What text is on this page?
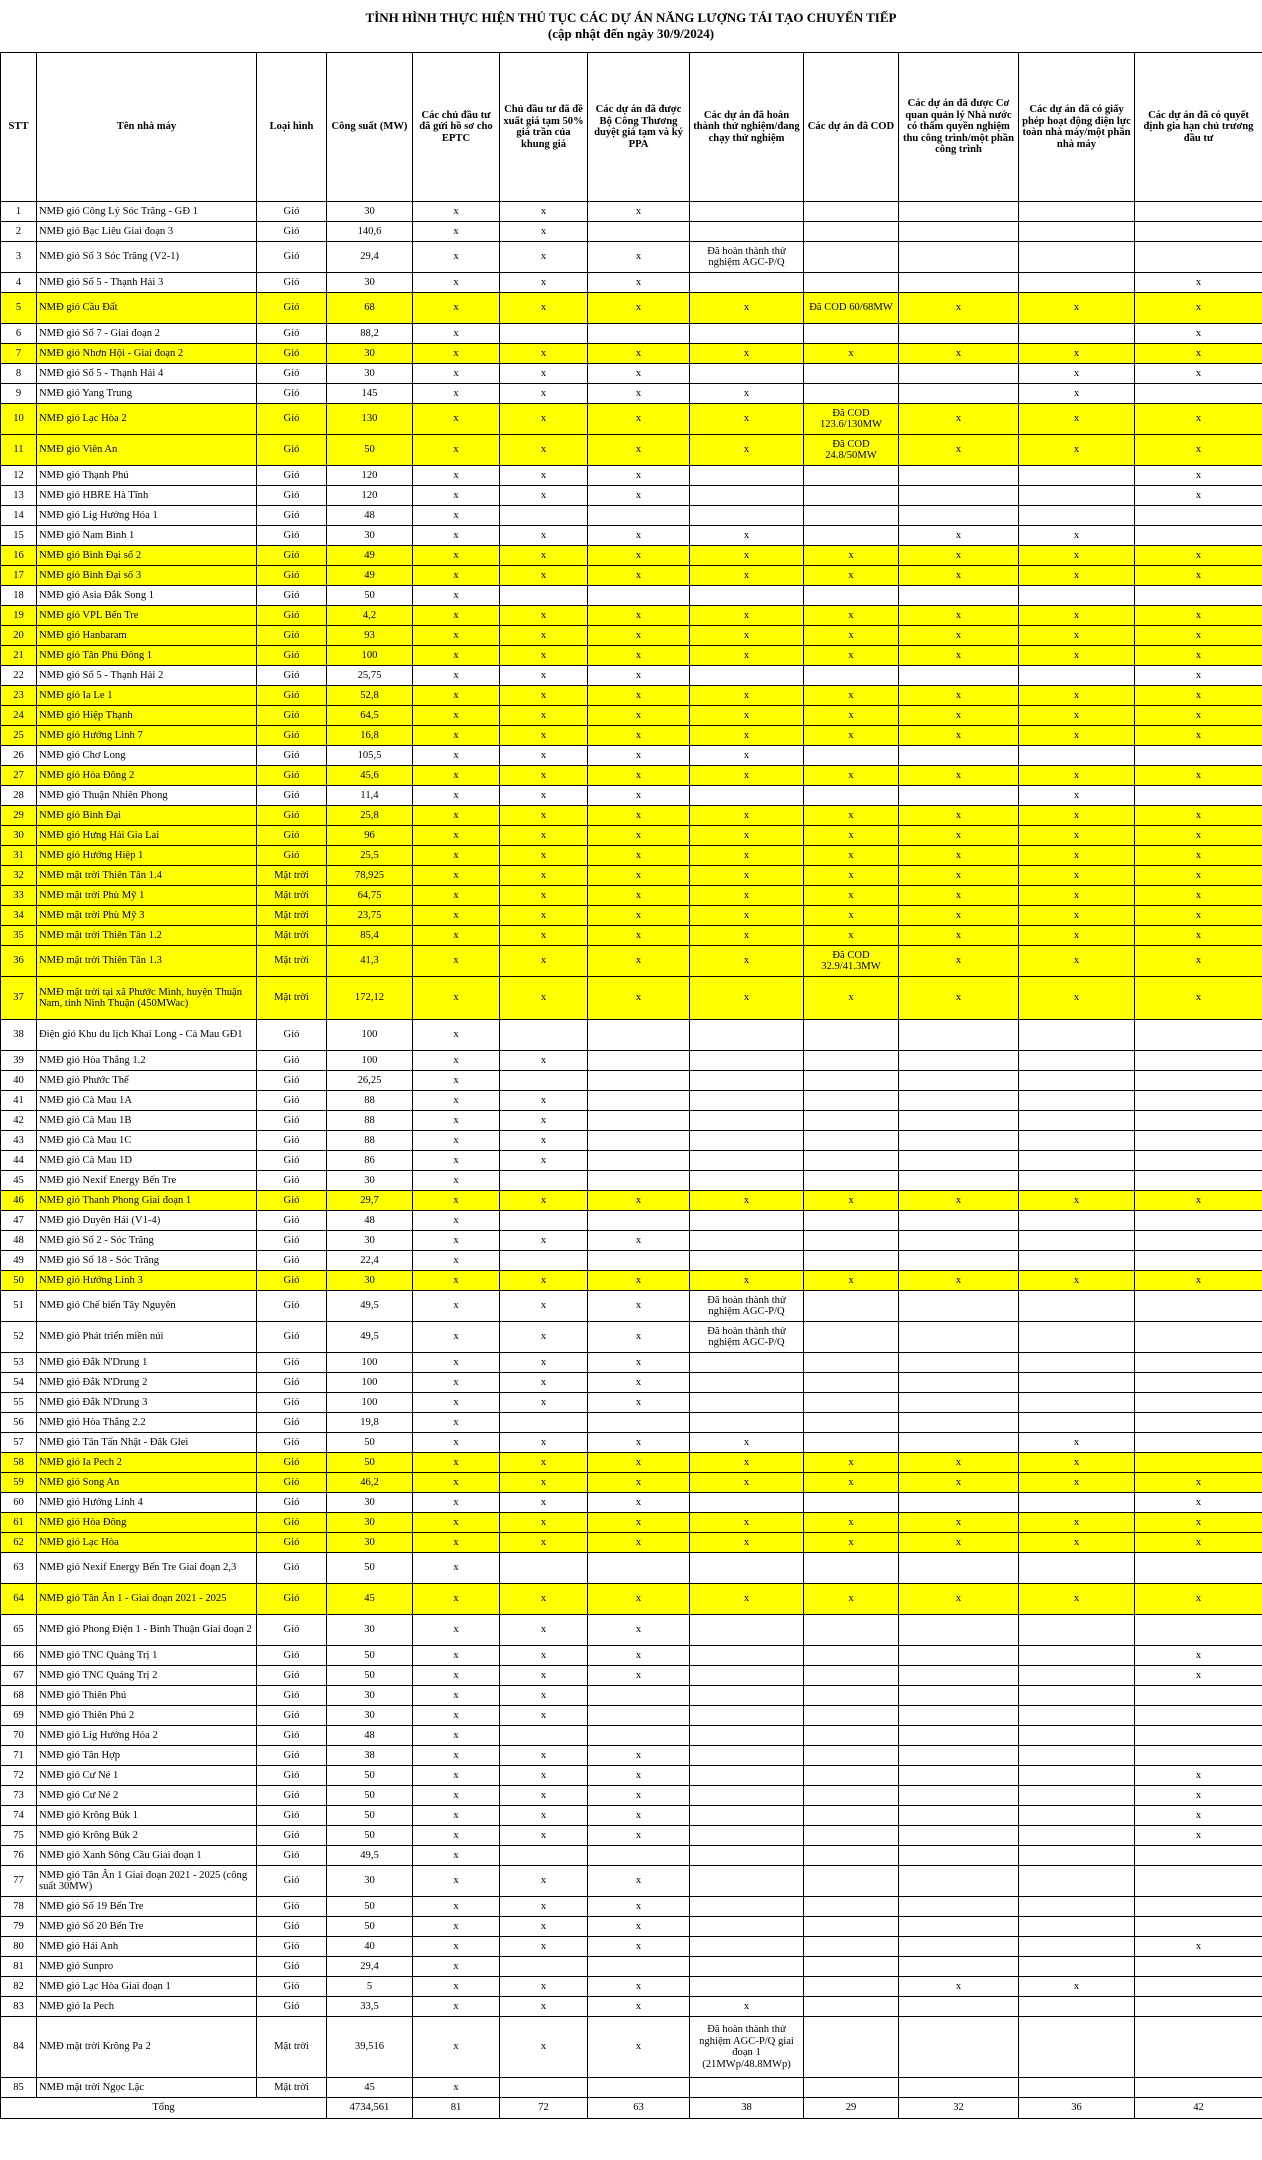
TÌNH HÌNH THỰC HIỆN THỦ TỤC CÁC DỰ ÁN NĂNG LƯỢNG TÁI TẠO CHUYỂN TIẾP
(cập nhật đến ngày 30/9/2024)
STT	Tên nhà máy	Loại hình	Công suất (MW)	Các chủ đầu tư đã gửi hồ sơ cho EPTC	Chủ đầu tư đã đề xuất giá tạm 50% giá trần của khung giá	Các dự án đã được Bộ Công Thương duyệt giá tạm và ký PPA	Các dự án đã hoàn thành thử nghiệm/đang chạy thử nghiệm	Các dự án đã COD	Các dự án đã được Cơ quan quản lý Nhà nước có thẩm quyền nghiệm thu công trình/một phần công trình	Các dự án đã có giấy phép hoạt động điện lực toàn nhà máy/một phần nhà máy	Các dự án đã có quyết định gia hạn chủ trương đầu tư
1	NMĐ gió Công Lý Sóc Trăng - GĐ 1	Gió	30	x	x	x					
2	NMĐ gió Bạc Liêu Giai đoạn 3	Gió	140,6	x	x						
3	NMĐ gió Số 3 Sóc Trăng (V2-1)	Gió	29,4	x	x	x	Đã hoàn thành thử nghiệm AGC-P/Q				
4	NMĐ gió Số 5 - Thạnh Hải 3	Gió	30	x	x	x					x
5	NMĐ gió Cầu Đất	Gió	68	x	x	x	x	Đã COD 60/68MW	x	x	x
6	NMĐ gió Số 7 - Giai đoạn 2	Gió	88,2	x							x
7	NMĐ gió Nhơn Hội - Giai đoạn 2	Gió	30	x	x	x	x	x	x	x	x
8	NMĐ gió Số 5 - Thạnh Hải 4	Gió	30	x	x	x				x	x
9	NMĐ gió Yang Trung	Gió	145	x	x	x	x			x	
10	NMĐ gió Lạc Hòa 2	Gió	130	x	x	x	x	Đã COD 123.6/130MW	x	x	x
11	NMĐ gió Viên An	Gió	50	x	x	x	x	Đã COD 24.8/50MW	x	x	x
12	NMĐ gió Thạnh Phú	Gió	120	x	x	x					x
13	NMĐ gió HBRE Hà Tĩnh	Gió	120	x	x	x					x
14	NMĐ gió Lig Hướng Hóa 1	Gió	48	x							
15	NMĐ gió Nam Bình 1	Gió	30	x	x	x	x		x	x	
16	NMĐ gió Bình Đại số 2	Gió	49	x	x	x	x	x	x	x	x
17	NMĐ gió Bình Đại số 3	Gió	49	x	x	x	x	x	x	x	x
18	NMĐ gió Asia Đắk Song 1	Gió	50	x							
19	NMĐ gió VPL Bến Tre	Gió	4,2	x	x	x	x	x	x	x	x
20	NMĐ gió Hanbaram	Gió	93	x	x	x	x	x	x	x	x
21	NMĐ gió Tân Phú Đông 1	Gió	100	x	x	x	x	x	x	x	x
22	NMĐ gió Số 5 - Thạnh Hải 2	Gió	25,75	x	x	x					x
23	NMĐ gió Ia Le 1	Gió	52,8	x	x	x	x	x	x	x	x
24	NMĐ gió Hiệp Thạnh	Gió	64,5	x	x	x	x	x	x	x	x
25	NMĐ gió Hướng Linh 7	Gió	16,8	x	x	x	x	x	x	x	x
26	NMĐ gió Chơ Long	Gió	105,5	x	x	x	x				
27	NMĐ gió Hòa Đông 2	Gió	45,6	x	x	x	x	x	x	x	x
28	NMĐ gió Thuận Nhiên Phong	Gió	11,4	x	x	x				x	
29	NMĐ gió Bình Đại	Gió	25,8	x	x	x	x	x	x	x	x
30	NMĐ gió Hưng Hải Gia Lai	Gió	96	x	x	x	x	x	x	x	x
31	NMĐ gió Hướng Hiệp 1	Gió	25,5	x	x	x	x	x	x	x	x
32	NMĐ mặt trời Thiên Tân 1.4	Mặt trời	78,925	x	x	x	x	x	x	x	x
33	NMĐ mặt trời Phù Mỹ 1	Mặt trời	64,75	x	x	x	x	x	x	x	x
34	NMĐ mặt trời Phù Mỹ 3	Mặt trời	23,75	x	x	x	x	x	x	x	x
35	NMĐ mặt trời Thiên Tân 1.2	Mặt trời	85,4	x	x	x	x	x	x	x	x
36	NMĐ mặt trời Thiên Tân 1.3	Mặt trời	41,3	x	x	x	x	Đã COD 32.9/41.3MW	x	x	x
37	NMĐ mặt trời tại xã Phước Minh, huyện Thuận Nam, tỉnh Ninh Thuận (450MWac)	Mặt trời	172,12	x	x	x	x	x	x	x	x
38	Điện gió Khu du lịch Khai Long - Cà Mau GĐ1	Gió	100	x							
39	NMĐ gió Hòa Thắng 1.2	Gió	100	x	x						
40	NMĐ gió Phước Thể	Gió	26,25	x							
41	NMĐ gió Cà Mau 1A	Gió	88	x	x						
42	NMĐ gió Cà Mau 1B	Gió	88	x	x						
43	NMĐ gió Cà Mau 1C	Gió	88	x	x						
44	NMĐ gió Cà Mau 1D	Gió	86	x	x						
45	NMĐ gió Nexif Energy Bến Tre	Gió	30	x							
46	NMĐ gió Thanh Phong Giai đoạn 1	Gió	29,7	x	x	x	x	x	x	x	x
47	NMĐ gió Duyên Hải (V1-4)	Gió	48	x							
48	NMĐ gió Số 2 - Sóc Trăng	Gió	30	x	x	x					
49	NMĐ gió Số 18 - Sóc Trăng	Gió	22,4	x							
50	NMĐ gió Hướng Linh 3	Gió	30	x	x	x	x	x	x	x	x
51	NMĐ gió Chế biến Tây Nguyên	Gió	49,5	x	x	x	Đã hoàn thành thử nghiệm AGC-P/Q				
52	NMĐ gió Phát triển miền núi	Gió	49,5	x	x	x	Đã hoàn thành thử nghiệm AGC-P/Q				
53	NMĐ gió Đắk N'Drung 1	Gió	100	x	x	x					
54	NMĐ gió Đắk N'Drung 2	Gió	100	x	x	x					
55	NMĐ gió Đắk N'Drung 3	Gió	100	x	x	x					
56	NMĐ gió Hòa Thắng 2.2	Gió	19,8	x							
57	NMĐ gió Tân Tấn Nhật - Đăk Glei	Gió	50	x	x	x	x			x	
58	NMĐ gió Ia Pech 2	Gió	50	x	x	x	x	x	x	x	
59	NMĐ gió Song An	Gió	46,2	x	x	x	x	x	x	x	x
60	NMĐ gió Hướng Linh 4	Gió	30	x	x	x					x
61	NMĐ gió Hòa Đông	Gió	30	x	x	x	x	x	x	x	x
62	NMĐ gió Lạc Hòa	Gió	30	x	x	x	x	x	x	x	x
63	NMĐ gió Nexif Energy Bến Tre Giai đoạn 2,3	Gió	50	x							
64	NMĐ gió Tân Ân 1 - Giai đoạn 2021 - 2025	Gió	45	x	x	x	x	x	x	x	x
65	NMĐ gió Phong Điện 1 - Bình Thuận Giai đoạn 2	Gió	30	x	x	x					
66	NMĐ gió TNC Quảng Trị 1	Gió	50	x	x	x					x
67	NMĐ gió TNC Quảng Trị 2	Gió	50	x	x	x					x
68	NMĐ gió Thiên Phú	Gió	30	x	x						
69	NMĐ gió Thiên Phú 2	Gió	30	x	x						
70	NMĐ gió Lig Hướng Hóa 2	Gió	48	x							
71	NMĐ gió Tân Hợp	Gió	38	x	x	x					
72	NMĐ gió Cư Né 1	Gió	50	x	x	x					x
73	NMĐ gió Cư Né 2	Gió	50	x	x	x					x
74	NMĐ gió Krông Búk 1	Gió	50	x	x	x					x
75	NMĐ gió Krông Búk 2	Gió	50	x	x	x					x
76	NMĐ gió Xanh Sông Cầu Giai đoạn 1	Gió	49,5	x							
77	NMĐ gió Tân Ân 1 Giai đoạn 2021 - 2025 (công suất 30MW)	Gió	30	x	x	x					
78	NMĐ gió Số 19 Bến Tre	Gió	50	x	x	x					
79	NMĐ gió Số 20 Bến Tre	Gió	50	x	x	x					
80	NMĐ gió Hải Anh	Gió	40	x	x	x					x
81	NMĐ gió Sunpro	Gió	29,4	x							
82	NMĐ gió Lạc Hòa Giai đoạn 1	Gió	5	x	x	x			x	x	
83	NMĐ gió Ia Pech	Gió	33,5	x	x	x	x				
84	NMĐ mặt trời Krông Pa 2	Mặt trời	39,516	x	x	x	Đã hoàn thành thử nghiệm AGC-P/Q giai đoạn 1 (21MWp/48.8MWp)				
85	NMĐ mặt trời Ngọc Lặc	Mặt trời	45	x							
Tổng			4734,561	81	72	63	38	29	32	36	42
